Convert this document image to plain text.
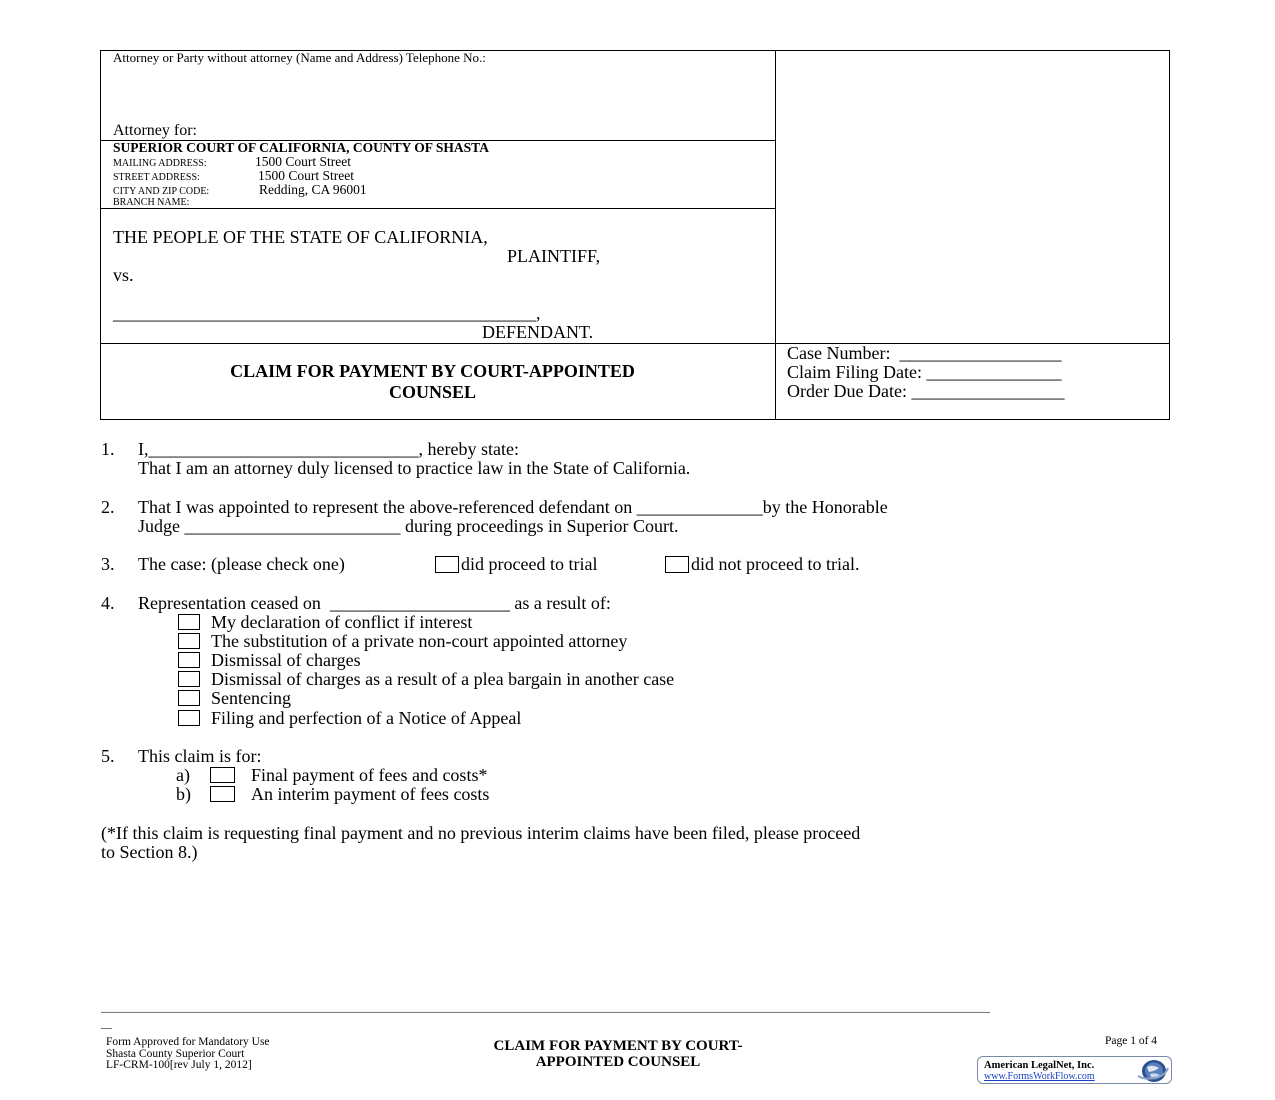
Attorney or Party without attorney (Name and Address) Telephone No.:
Attorney for:
SUPERIOR COURT OF CALIFORNIA, COUNTY OF SHASTA
MAILING ADDRESS:	1500 Court Street
STREET ADDRESS:	1500 Court Street
CITY AND ZIP CODE:	Redding, CA 96001
BRANCH NAME:
THE PEOPLE OF THE STATE OF CALIFORNIA,
PLAINTIFF,
vs.
_______________________________________________,
DEFENDANT.
CLAIM FOR PAYMENT BY COURT-APPOINTED
COUNSEL
Case Number:  __________________
Claim Filing Date: _______________
Order Due Date: _________________
1. I,______________________________, hereby state:
That I am an attorney duly licensed to practice law in the State of California.
2. That I was appointed to represent the above-referenced defendant on ______________by the Honorable
Judge ________________________ during proceedings in Superior Court.
3. The case: (please check one)	did proceed to trial	did not proceed to trial.
4. Representation ceased on  ____________________ as a result of:
My declaration of conflict if interest
The substitution of a private non-court appointed attorney
Dismissal of charges
Dismissal of charges as a result of a plea bargain in another case
Sentencing
Filing and perfection of a Notice of Appeal
5. This claim is for:
a)	Final payment of fees and costs*
b)	An interim payment of fees costs
(*If this claim is requesting final payment and no previous interim claims have been filed, please proceed
to Section 8.)
_______________________________________________________________________________________________________________________________
__
Form Approved for Mandatory Use
Shasta County Superior Court
LF-CRM-100[rev July 1, 2012]
CLAIM FOR PAYMENT BY COURT-
APPOINTED COUNSEL
Page 1 of 4
American LegalNet, Inc.
www.FormsWorkFlow.com
